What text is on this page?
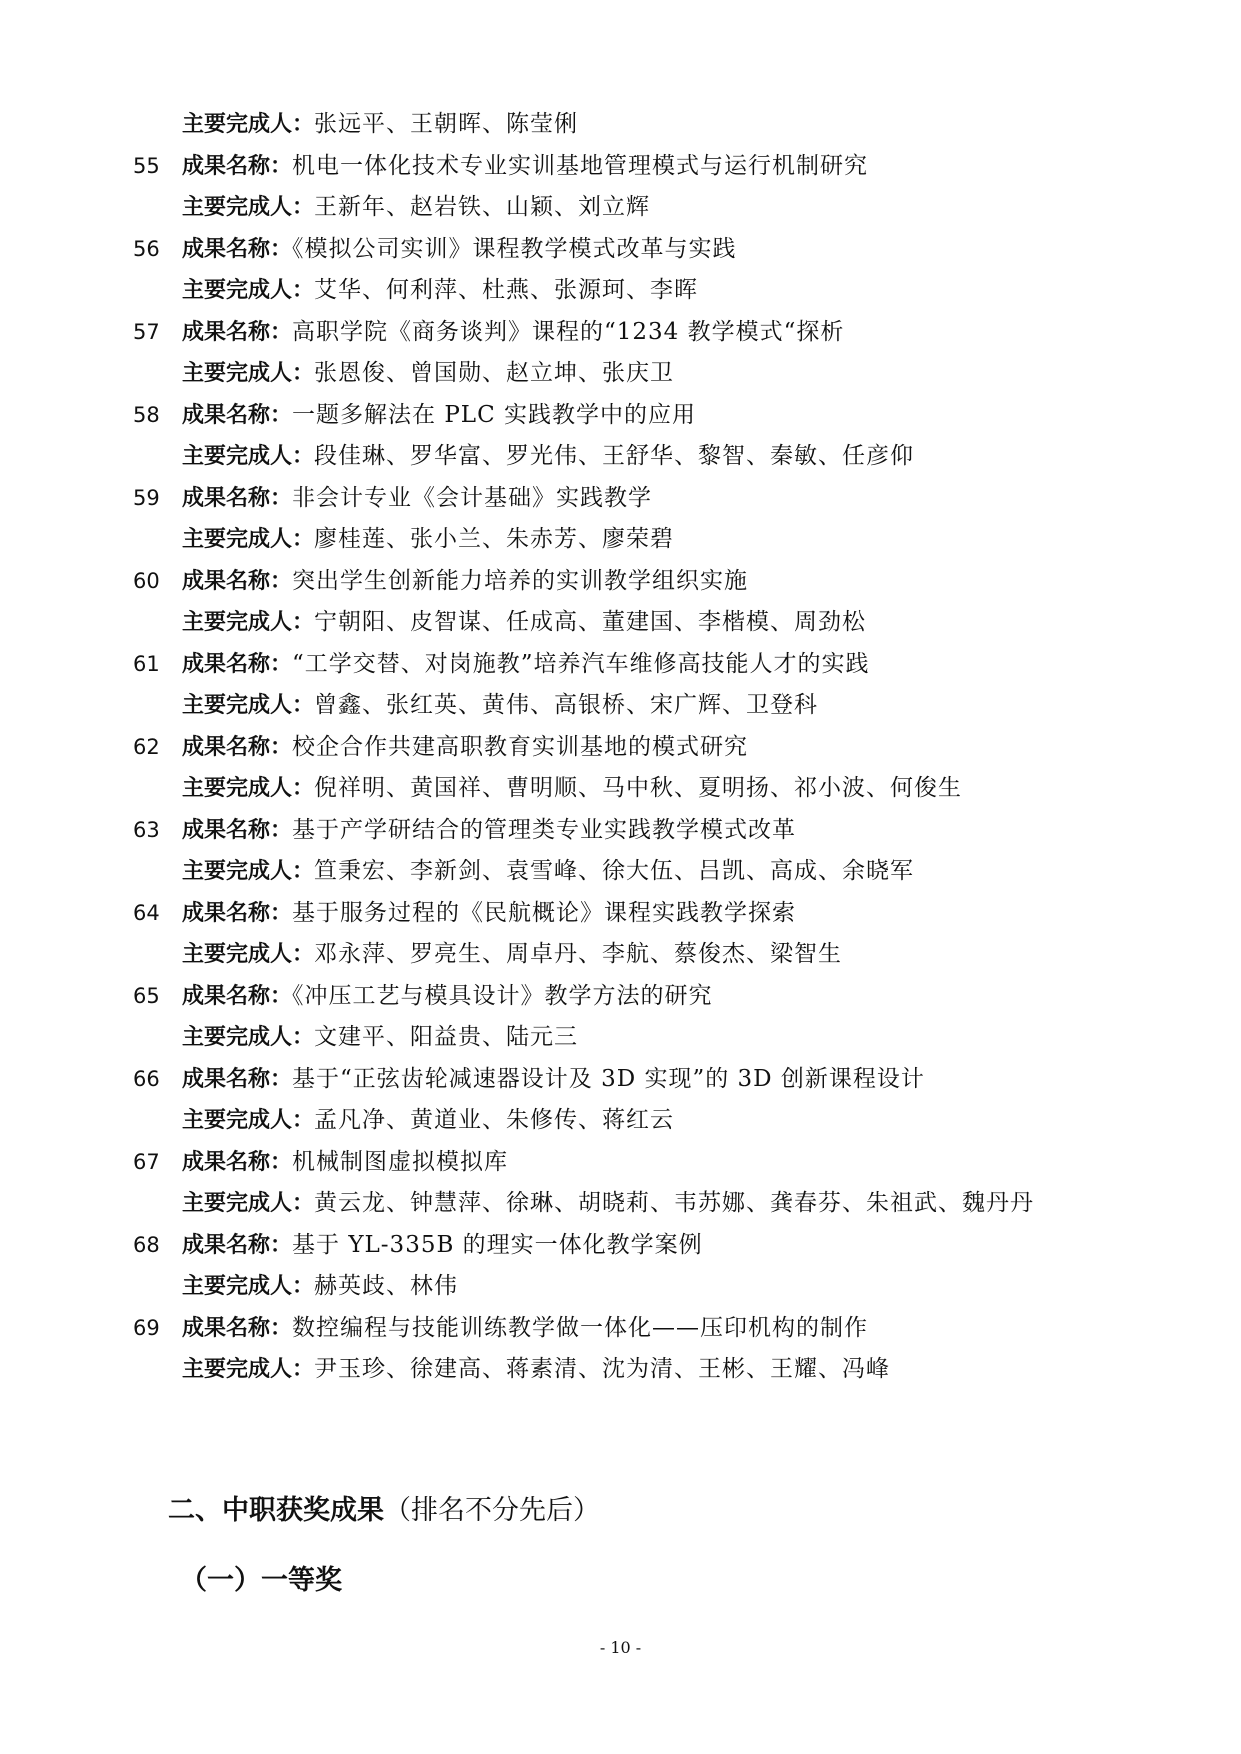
主要完成人：张远平、王朝晖、陈莹俐
55	成果名称：机电一体化技术专业实训基地管理模式与运行机制研究
主要完成人：王新年、赵岩铁、山颖、刘立辉
56	成果名称：《模拟公司实训》课程教学模式改革与实践
主要完成人：艾华、何利萍、杜燕、张源珂、李晖
57	成果名称：高职学院《商务谈判》课程的“1234 教学模式“探析
主要完成人：张恩俊、曾国勋、赵立坤、张庆卫
58	成果名称：一题多解法在 PLC 实践教学中的应用
主要完成人：段佳琳、罗华富、罗光伟、王舒华、黎智、秦敏、任彦仰
59	成果名称：非会计专业《会计基础》实践教学
主要完成人：廖桂莲、张小兰、朱赤芳、廖荣碧
60	成果名称：突出学生创新能力培养的实训教学组织实施
主要完成人：宁朝阳、皮智谋、任成高、董建国、李楷模、周劲松
61	成果名称：“工学交替、对岗施教”培养汽车维修高技能人才的实践
主要完成人：曾鑫、张红英、黄伟、高银桥、宋广辉、卫登科
62	成果名称：校企合作共建高职教育实训基地的模式研究
主要完成人：倪祥明、黄国祥、曹明顺、马中秋、夏明扬、祁小波、何俊生
63	成果名称：基于产学研结合的管理类专业实践教学模式改革
主要完成人：笪秉宏、李新剑、袁雪峰、徐大伍、吕凯、高成、余晓军
64	成果名称：基于服务过程的《民航概论》课程实践教学探索
主要完成人：邓永萍、罗亮生、周卓丹、李航、蔡俊杰、梁智生
65	成果名称：《冲压工艺与模具设计》教学方法的研究
主要完成人：文建平、阳益贵、陆元三
66	成果名称：基于“正弦齿轮减速器设计及 3D 实现”的 3D 创新课程设计
主要完成人：孟凡净、黄道业、朱修传、蒋红云
67	成果名称：机械制图虚拟模拟库
主要完成人：黄云龙、钟慧萍、徐琳、胡晓莉、韦苏娜、龚春芬、朱祖武、魏丹丹
68	成果名称：基于 YL-335B 的理实一体化教学案例
主要完成人：赫英歧、林伟
69	成果名称：数控编程与技能训练教学做一体化——压印机构的制作
主要完成人：尹玉珍、徐建高、蒋素清、沈为清、王彬、王耀、冯峰
二、中职获奖成果（排名不分先后）
（一）一等奖
- 10 -
